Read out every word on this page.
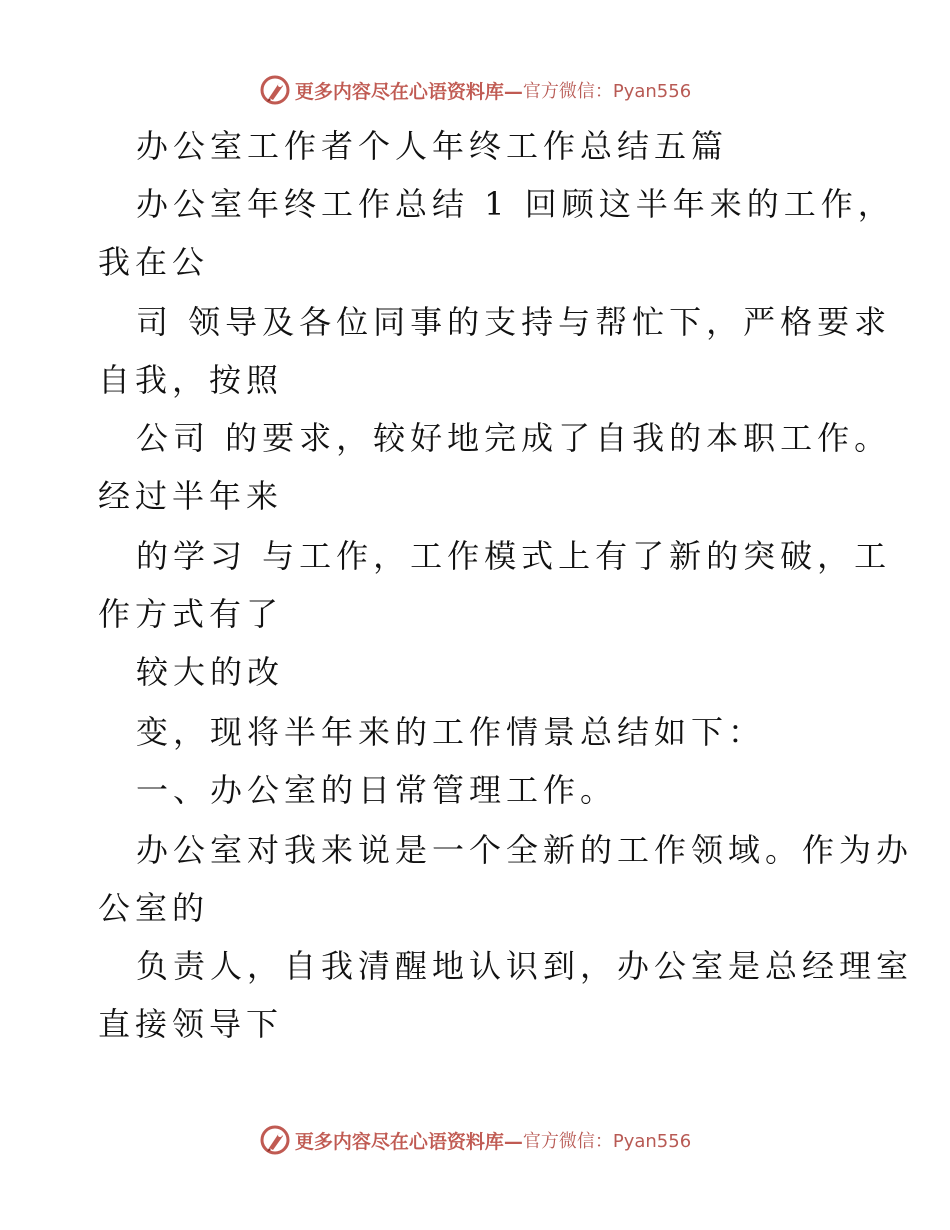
更多内容尽在心语资料库— 官方微信：Pyan556
办公室工作者个人年终工作总结五篇
办公室年终工作总结 1 回顾这半年来的工作，
我在公
司 领导及各位同事的支持与帮忙下，严格要求
自我，按照
公司 的要求，较好地完成了自我的本职工作。
经过半年来
的学习 与工作，工作模式上有了新的突破，工
作方式有了
较大的改
变，现将半年来的工作情景总结如下：
一、办公室的日常管理工作。
办公室对我来说是一个全新的工作领域。作为办
公室的
负责人，自我清醒地认识到，办公室是总经理室
直接领导下
更多内容尽在心语资料库— 官方微信：Pyan556
